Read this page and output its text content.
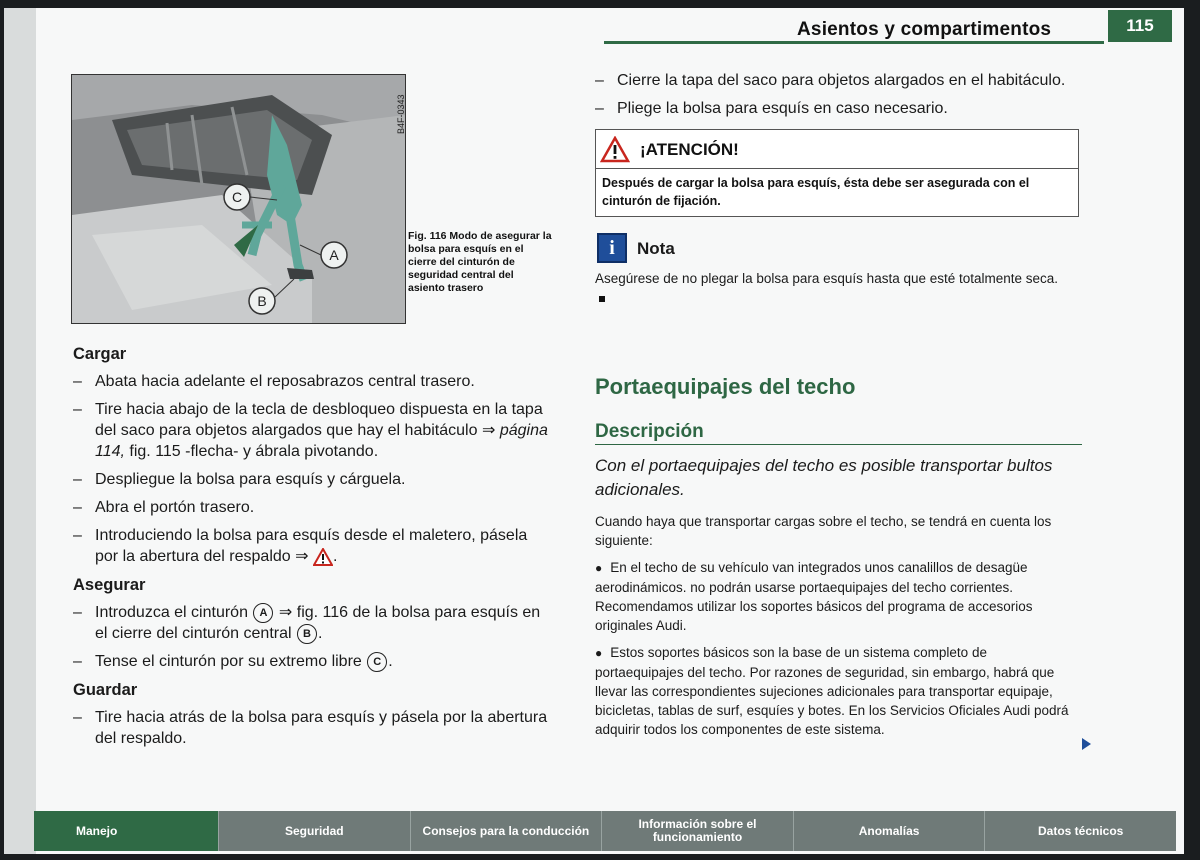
Asientos y compartimentos	115
C
A
B
B4F-0343
Fig. 116 Modo de asegurar la bolsa para esquís en el cierre del cinturón de seguridad central del asiento trasero
Cargar
– Abata hacia adelante el reposabrazos central trasero.
– Tire hacia abajo de la tecla de desbloqueo dispuesta en la tapa del saco para objetos alargados que hay el habitáculo ⇒ página 114, fig. 115 -flecha- y ábrala pivotando.
– Despliegue la bolsa para esquís y cárguela.
– Abra el portón trasero.
– Introduciendo la bolsa para esquís desde el maletero, pásela por la abertura del respaldo ⇒ .
Asegurar
– Introduzca el cinturón A ⇒ fig. 116 de la bolsa para esquís en el cierre del cinturón central B .
– Tense el cinturón por su extremo libre C .
Guardar
– Tire hacia atrás de la bolsa para esquís y pásela por la abertura del respaldo.
– Cierre la tapa del saco para objetos alargados en el habitáculo.
– Pliege la bolsa para esquís en caso necesario.
¡ATENCIÓN!
Después de cargar la bolsa para esquís, ésta debe ser asegurada con el cinturón de fijación.
i	Nota
Asegúrese de no plegar la bolsa para esquís hasta que esté totalmente seca.
Portaequipajes del techo
Descripción
Con el portaequipajes del techo es posible transportar bultos adicionales.

Cuando haya que transportar cargas sobre el techo, se tendrá en cuenta los siguiente:

● En el techo de su vehículo van integrados unos canalillos de desagüe aerodinámicos. no podrán usarse portaequipajes del techo corrientes. Recomendamos utilizar los soportes básicos del programa de accesorios originales Audi.

● Estos soportes básicos son la base de un sistema completo de portaequipajes del techo. Por razones de seguridad, sin embargo, habrá que llevar las correspondientes sujeciones adicionales para transportar equipaje, bicicletas, tablas de surf, esquíes y botes. En los Servicios Oficiales Audi podrá adquirir todos los componentes de este sistema.

Manejo	Seguridad	Consejos para la conducción	Información sobre el funcionamiento	Anomalías	Datos técnicos
